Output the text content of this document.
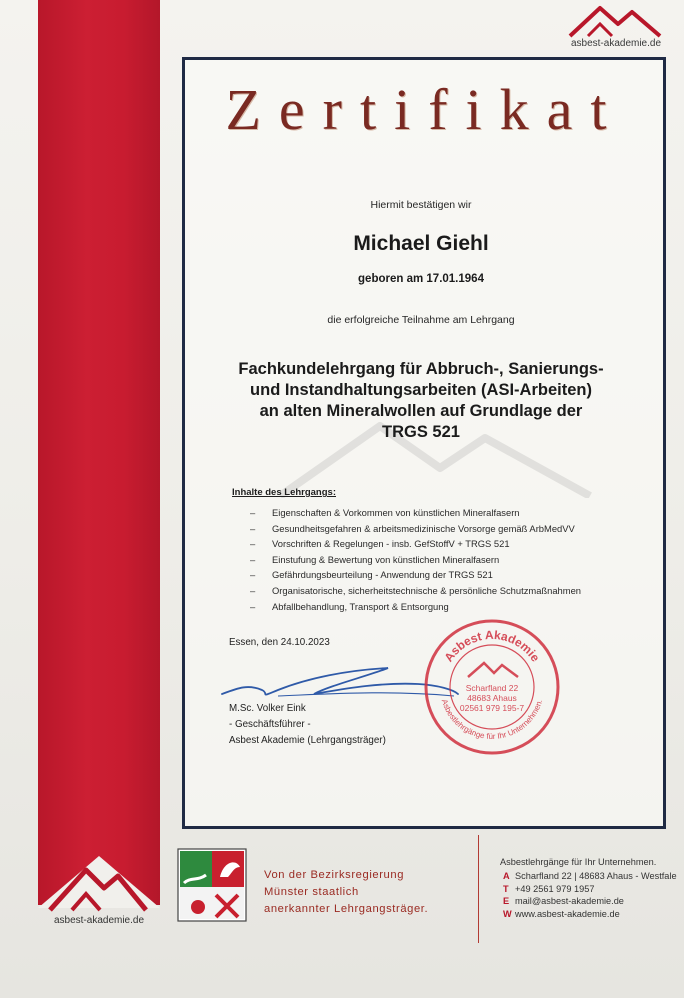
asbest-akademie.de
Zertifikat
Hiermit bestätigen wir
Michael Giehl
geboren am 17.01.1964
die erfolgreiche Teilnahme am Lehrgang
Fachkundelehrgang für Abbruch-, Sanierungs-
und Instandhaltungsarbeiten (ASI-Arbeiten)
an alten Mineralwollen auf Grundlage der
TRGS 521
Inhalte des Lehrgangs:
– Eigenschaften & Vorkommen von künstlichen Mineralfasern
– Gesundheitsgefahren & arbeitsmedizinische Vorsorge gemäß ArbMedVV
– Vorschriften & Regelungen - insb. GefStoffV + TRGS 521
– Einstufung & Bewertung von künstlichen Mineralfasern
– Gefährdungsbeurteilung - Anwendung der TRGS 521
– Organisatorische, sicherheitstechnische & persönliche Schutzmaßnahmen
– Abfallbehandlung, Transport & Entsorgung
Essen, den 24.10.2023
M.Sc. Volker Eink
- Geschäftsführer -
Asbest Akademie (Lehrgangsträger)
Asbest Akademie
Asbestlehrgänge für Ihr Unternehmen.
Scharfland 22
48683 Ahaus
02561 979 195-7
asbest-akademie.de
Von der Bezirksregierung
Münster staatlich
anerkannter Lehrgangsträger.
Asbestlehrgänge für Ihr Unternehmen.
A Scharfland 22 | 48683 Ahaus - Westfale
T +49 2561 979 1957
E mail@asbest-akademie.de
W www.asbest-akademie.de
